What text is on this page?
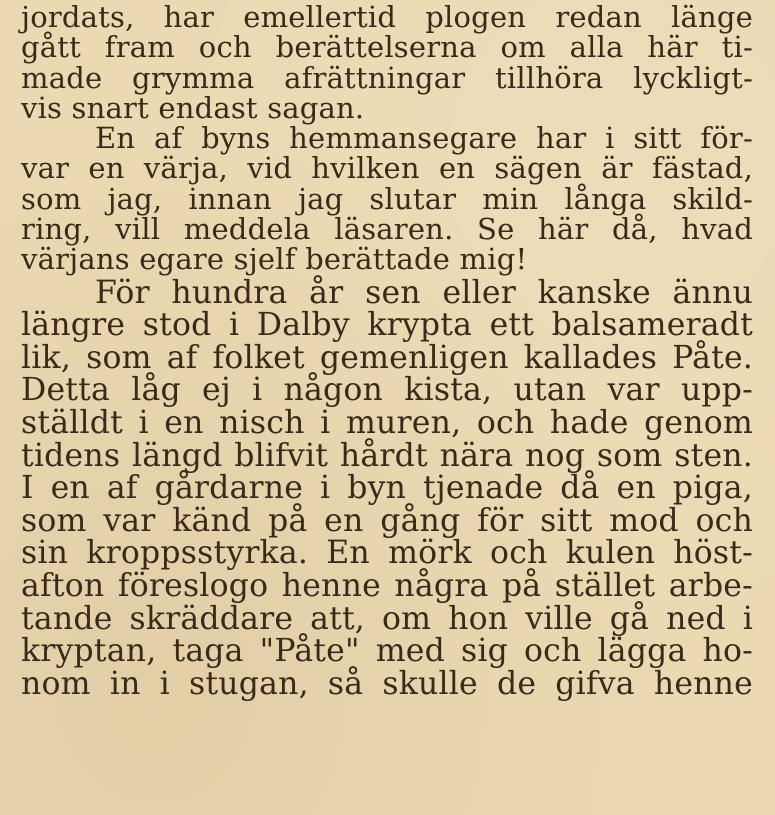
jordats, har emellertid plogen redan länge
gått fram och berättelserna om alla här ti-
made grymma afrättningar tillhöra lyckligt-
vis snart endast sagan.
En af byns hemmansegare har i sitt för-
var en värja, vid hvilken en sägen är fästad,
som jag, innan jag slutar min långa skild-
ring, vill meddela läsaren. Se här då, hvad
värjans egare sjelf berättade mig!
För hundra år sen eller kanske ännu
längre stod i Dalby krypta ett balsameradt
lik, som af folket gemenligen kallades Påte.
Detta låg ej i någon kista, utan var upp-
ställdt i en nisch i muren, och hade genom
tidens längd blifvit hårdt nära nog som sten.
I en af gårdarne i byn tjenade då en piga,
som var känd på en gång för sitt mod och
sin kroppsstyrka. En mörk och kulen höst-
afton föreslogo henne några på stället arbe-
tande skräddare att, om hon ville gå ned i
kryptan, taga "Påte" med sig och lägga ho-
nom in i stugan, så skulle de gifva henne
